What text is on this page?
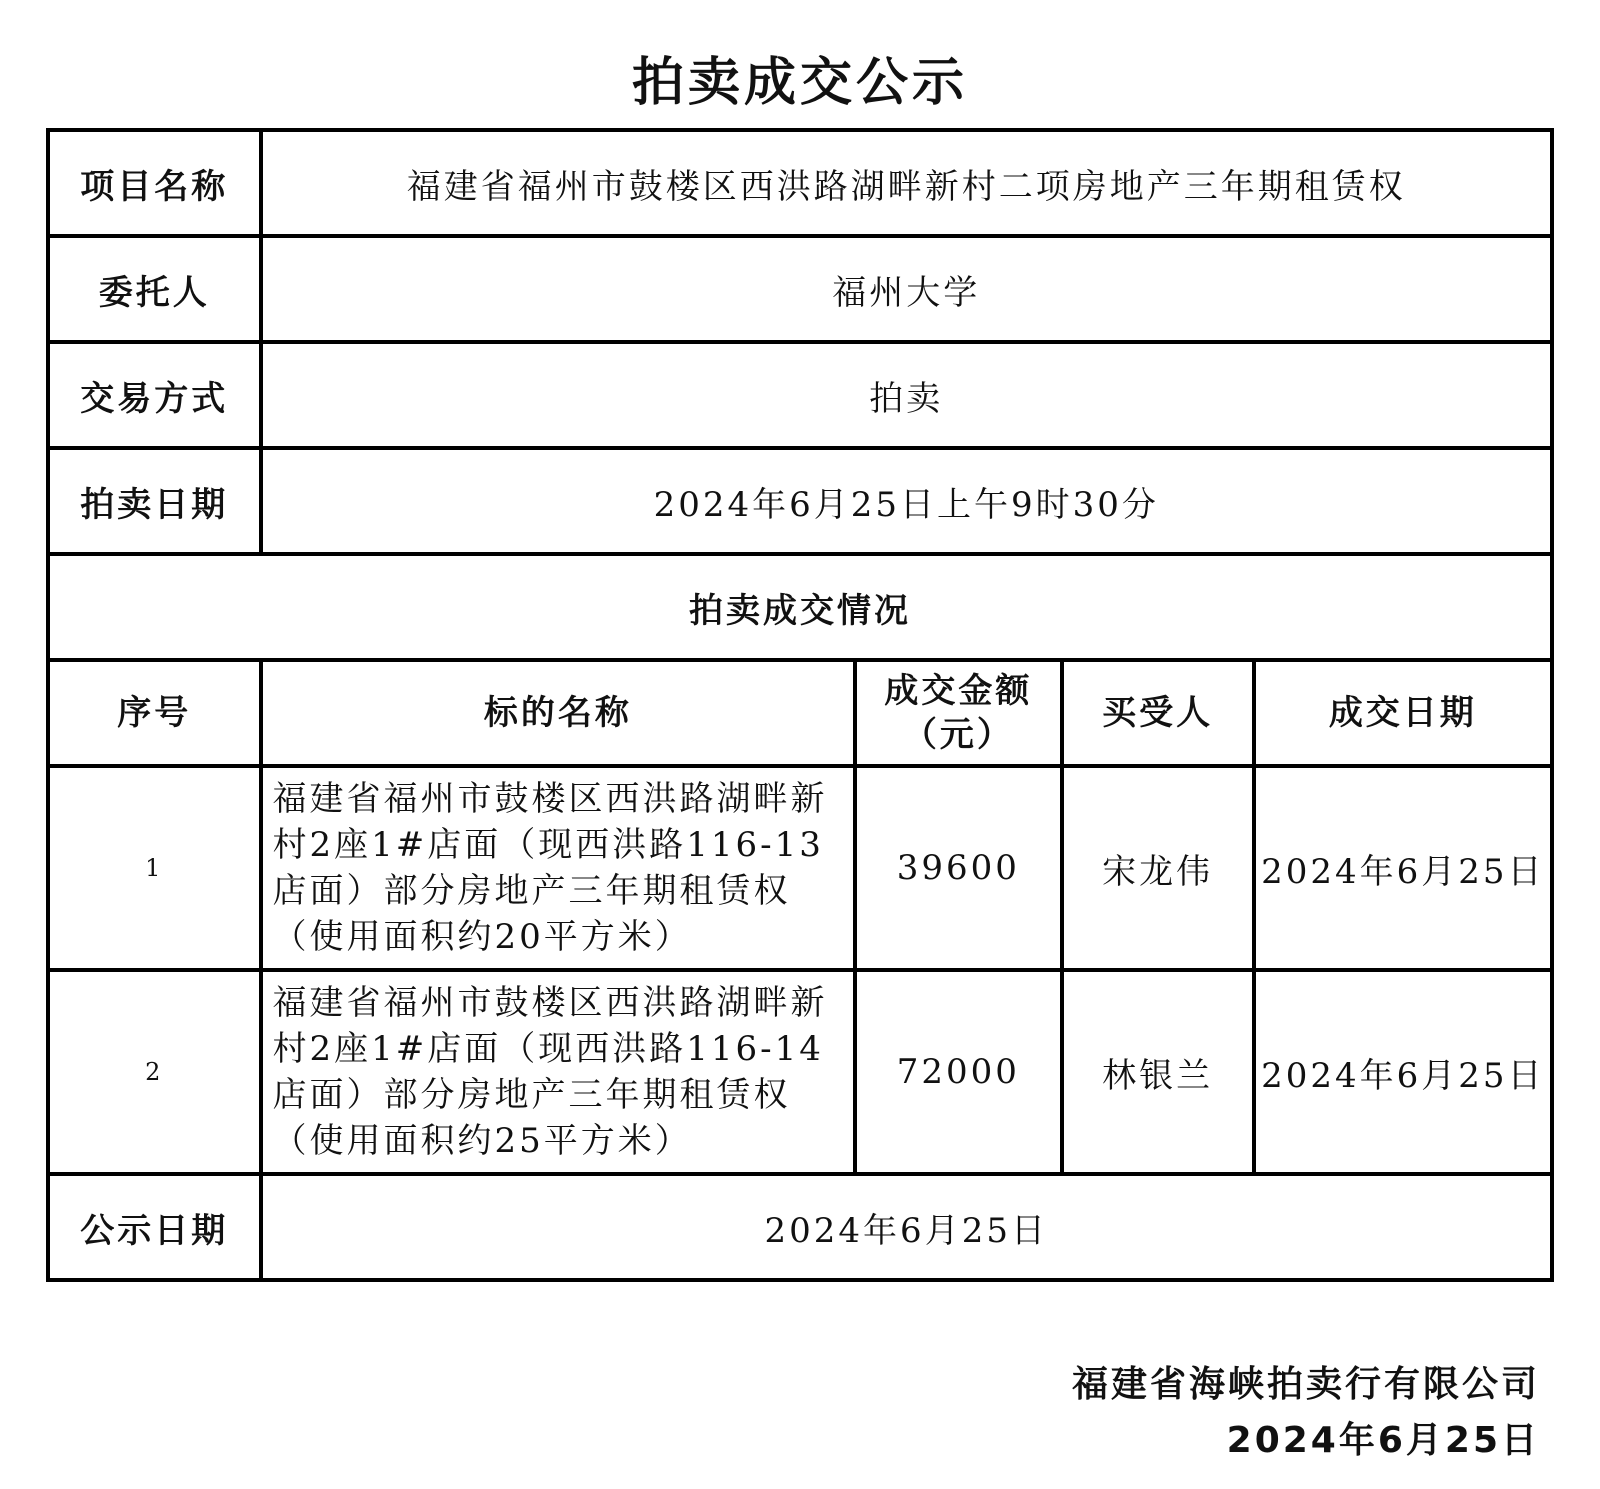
拍卖成交公示
项目名称	福建省福州市鼓楼区西洪路湖畔新村二项房地产三年期租赁权			
委托人	福州大学			
交易方式	拍卖			
拍卖日期	2024年6月25日上午9时30分			
拍卖成交情况				
序号	标的名称	成交金额（元）	买受人	成交日期
1	福建省福州市鼓楼区西洪路湖畔新村2座1#店面（现西洪路116-13店面）部分房地产三年期租赁权（使用面积约20平方米）	39600	宋龙伟	2024年6月25日
2	福建省福州市鼓楼区西洪路湖畔新村2座1#店面（现西洪路116-14店面）部分房地产三年期租赁权（使用面积约25平方米）	72000	林银兰	2024年6月25日
公示日期	2024年6月25日			
福建省海峡拍卖行有限公司
2024年6月25日
